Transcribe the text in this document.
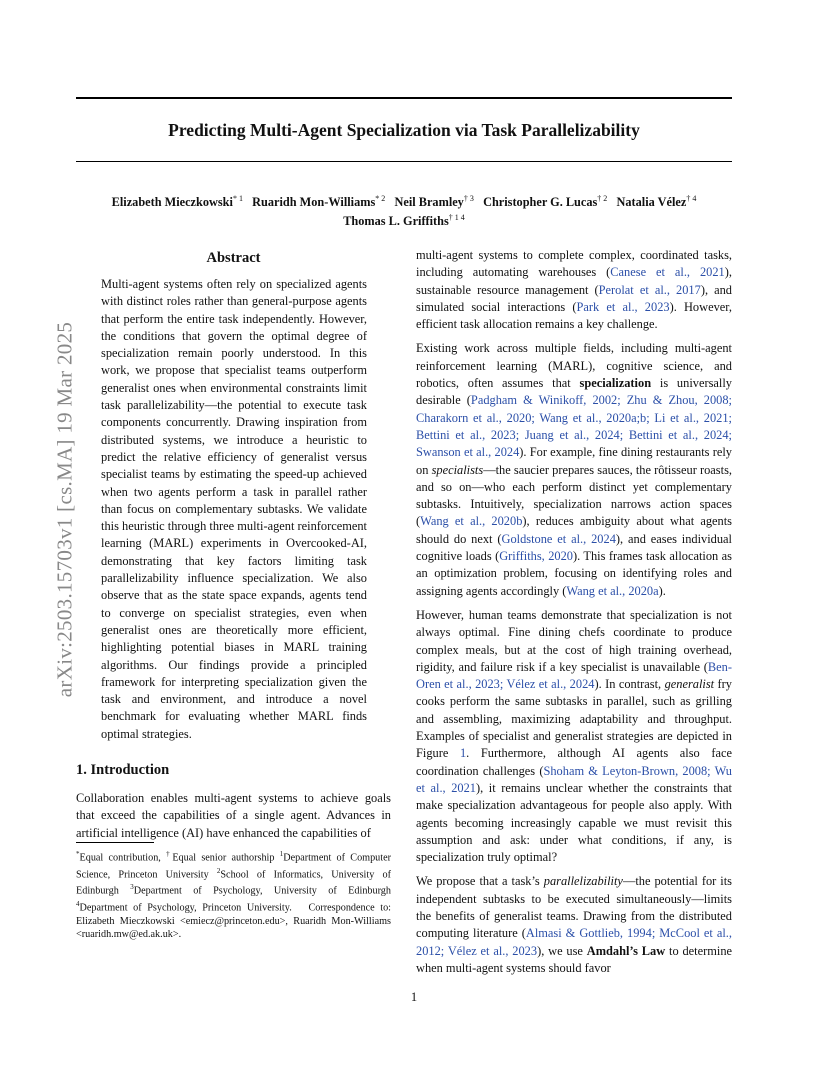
arXiv:2503.15703v1 [cs.MA] 19 Mar 2025
Predicting Multi-Agent Specialization via Task Parallelizability
Elizabeth Mieczkowski$^{* 1}$ Ruaridh Mon-Williams$^{* 2}$ Neil Bramley$^{\dagger 3}$ Christopher G. Lucas$^{\dagger 2}$ Natalia Vélez$^{\dagger 4}$
Thomas L. Griffiths$^{\dagger 1 4}$
Abstract

Multi-agent systems often rely on specialized agents with distinct roles rather than general-purpose agents that perform the entire task independently. However, the conditions that govern the optimal degree of specialization remain poorly understood. In this work, we propose that specialist teams outperform generalist ones when environmental constraints limit task parallelizability—the potential to execute task components concurrently. Drawing inspiration from distributed systems, we introduce a heuristic to predict the relative efficiency of generalist versus specialist teams by estimating the speed-up achieved when two agents perform a task in parallel rather than focus on complementary subtasks. We validate this heuristic through three multi-agent reinforcement learning (MARL) experiments in Overcooked-AI, demonstrating that key factors limiting task parallelizability influence specialization. We also observe that as the state space expands, agents tend to converge on specialist strategies, even when generalist ones are theoretically more efficient, highlighting potential biases in MARL training algorithms. Our findings provide a principled framework for interpreting specialization given the task and environment, and introduce a novel benchmark for evaluating whether MARL finds optimal strategies.

1. Introduction

Collaboration enables multi-agent systems to achieve goals that exceed the capabilities of a single agent. Advances in artificial intelligence (AI) have enhanced the capabilities of

*Equal contribution, †Equal senior authorship $^1$Department of Computer Science, Princeton University $^2$School of Informatics, University of Edinburgh $^3$Department of Psychology, University of Edinburgh $^4$Department of Psychology, Princeton University. Correspondence to: Elizabeth Mieczkowski <emiecz@princeton.edu>, Ruaridh Mon-Williams <ruaridh.mw@ed.ak.uk>.

multi-agent systems to complete complex, coordinated tasks, including automating warehouses (Canese et al., 2021), sustainable resource management (Perolat et al., 2017), and simulated social interactions (Park et al., 2023). However, efficient task allocation remains a key challenge.

Existing work across multiple fields, including multi-agent reinforcement learning (MARL), cognitive science, and robotics, often assumes that specialization is universally desirable (Padgham & Winikoff, 2002; Zhu & Zhou, 2008; Charakorn et al., 2020; Wang et al., 2020a;b; Li et al., 2021; Bettini et al., 2023; Juang et al., 2024; Bettini et al., 2024; Swanson et al., 2024). For example, fine dining restaurants rely on specialists—the saucier prepares sauces, the rôtisseur roasts, and so on—who each perform distinct yet complementary subtasks. Intuitively, specialization narrows action spaces (Wang et al., 2020b), reduces ambiguity about what agents should do next (Goldstone et al., 2024), and eases individual cognitive loads (Griffiths, 2020). This frames task allocation as an optimization problem, focusing on identifying roles and assigning agents accordingly (Wang et al., 2020a).

However, human teams demonstrate that specialization is not always optimal. Fine dining chefs coordinate to produce complex meals, but at the cost of high training overhead, rigidity, and failure risk if a key specialist is unavailable (Ben-Oren et al., 2023; Vélez et al., 2024). In contrast, generalist fry cooks perform the same subtasks in parallel, such as grilling and assembling, maximizing adaptability and throughput. Examples of specialist and generalist strategies are depicted in Figure 1. Furthermore, although AI agents also face coordination challenges (Shoham & Leyton-Brown, 2008; Wu et al., 2021), it remains unclear whether the constraints that make specialization advantageous for people also apply. With agents becoming increasingly capable we must revisit this assumption and ask: under what conditions, if any, is specialization truly optimal?

We propose that a task’s parallelizability—the potential for its independent subtasks to be executed simultaneously—limits the benefits of generalist teams. Drawing from the distributed computing literature (Almasi & Gottlieb, 1994; McCool et al., 2012; Vélez et al., 2023), we use Amdahl’s Law to determine when multi-agent systems should favor

1
